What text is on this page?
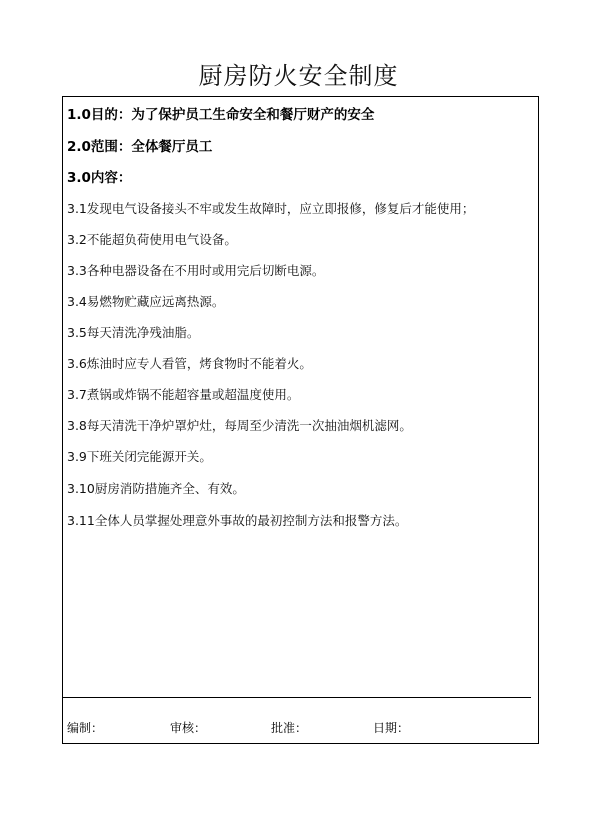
厨房防火安全制度
1.0目的：为了保护员工生命安全和餐厅财产的安全
2.0范围：全体餐厅员工
3.0内容：
3.1发现电气设备接头不牢或发生故障时，应立即报修，修复后才能使用；
3.2不能超负荷使用电气设备。
3.3各种电器设备在不用时或用完后切断电源。
3.4易燃物贮藏应远离热源。
3.5每天清洗净残油脂。
3.6炼油时应专人看管，烤食物时不能着火。
3.7煮锅或炸锅不能超容量或超温度使用。
3.8每天清洗干净炉罩炉灶，每周至少清洗一次抽油烟机滤网。
3.9下班关闭完能源开关。
3.10厨房消防措施齐全、有效。
3.11全体人员掌握处理意外事故的最初控制方法和报警方法。
编制：	审核：	批准：	日期：
